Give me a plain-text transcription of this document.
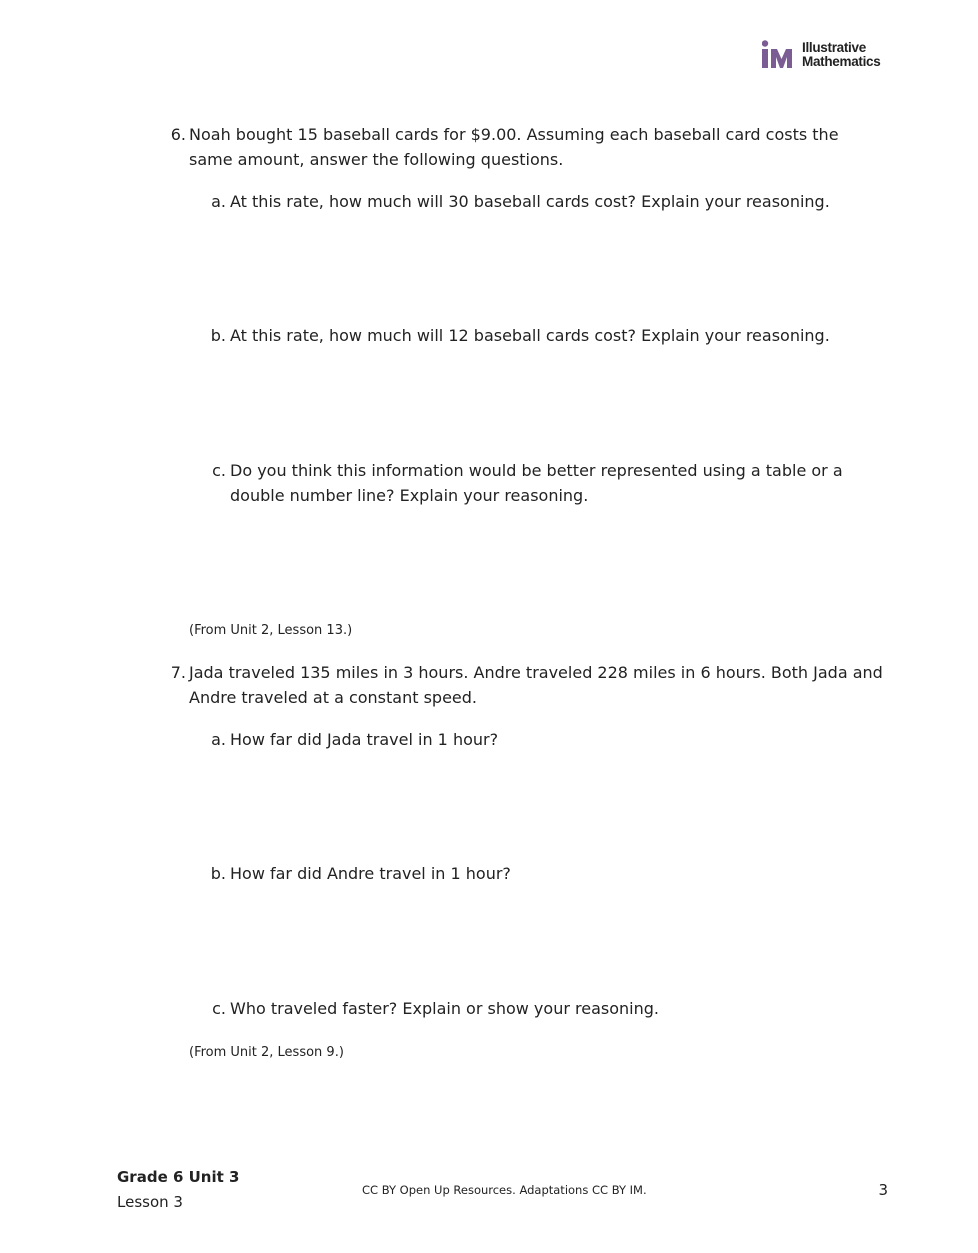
Illustrative
Mathematics
6. Noah bought 15 baseball cards for $9.00. Assuming each baseball card costs the
same amount, answer the following questions.
a. At this rate, how much will 30 baseball cards cost? Explain your reasoning.
b. At this rate, how much will 12 baseball cards cost? Explain your reasoning.
c. Do you think this information would be better represented using a table or a
double number line? Explain your reasoning.
(From Unit 2, Lesson 13.)
7. Jada traveled 135 miles in 3 hours. Andre traveled 228 miles in 6 hours. Both Jada and
Andre traveled at a constant speed.
a. How far did Jada travel in 1 hour?
b. How far did Andre travel in 1 hour?
c. Who traveled faster? Explain or show your reasoning.
(From Unit 2, Lesson 9.)
Grade 6 Unit 3
Lesson 3
CC BY Open Up Resources. Adaptations CC BY IM.	3
